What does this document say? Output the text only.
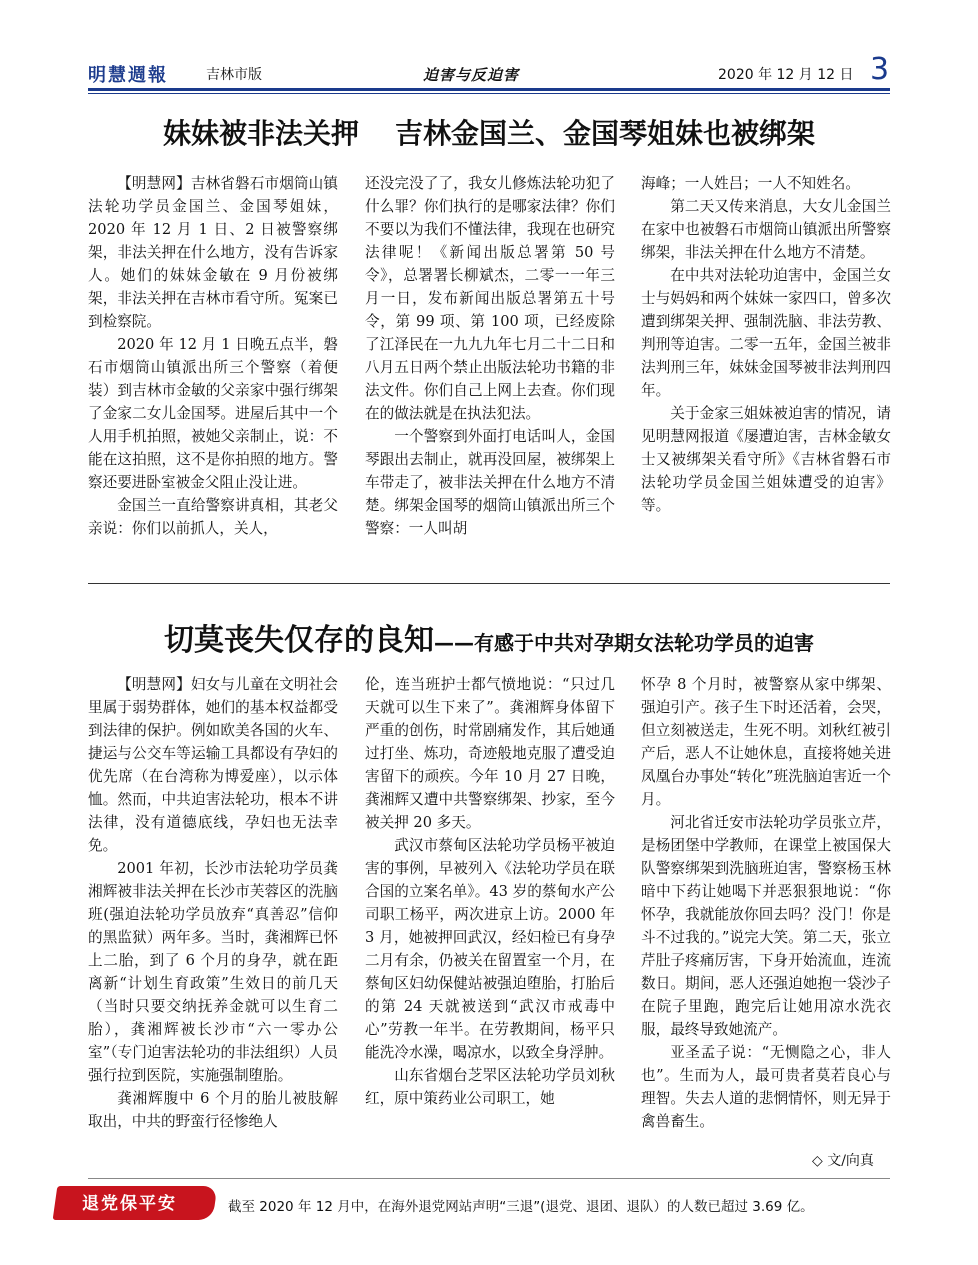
明慧週報	吉林市版	迫害与反迫害	2020 年 12 月 12 日 3
妹妹被非法关押 吉林金国兰、金国琴姐妹也被绑架

【明慧网】吉林省磐石市烟筒山镇法轮功学员金国兰、金国琴姐妹，2020 年 12 月 1 日、2 日被警察绑架，非法关押在什么地方，没有告诉家人。她们的妹妹金敏在 9 月份被绑架，非法关押在吉林市看守所。冤案已到检察院。

2020 年 12 月 1 日晚五点半，磐石市烟筒山镇派出所三个警察（着便装）到吉林市金敏的父亲家中强行绑架了金家二女儿金国琴。进屋后其中一个人用手机拍照，被她父亲制止，说：不能在这拍照，这不是你拍照的地方。警察还要进卧室被金父阻止没让进。

金国兰一直给警察讲真相，其老父亲说：你们以前抓人，关人，

还没完没了了，我女儿修炼法轮功犯了什么罪？你们执行的是哪家法律？你们不要以为我们不懂法律，我现在也研究法律呢！《新闻出版总署第 50 号令》，总署署长柳斌杰，二零一一年三月一日，发布新闻出版总署第五十号令，第 99 项、第 100 项，已经废除了江泽民在一九九九年七月二十二日和八月五日两个禁止出版法轮功书籍的非法文件。你们自己上网上去查。你们现在的做法就是在执法犯法。

一个警察到外面打电话叫人，金国琴跟出去制止，就再没回屋，被绑架上车带走了，被非法关押在什么地方不清楚。绑架金国琴的烟筒山镇派出所三个警察：一人叫胡

海峰；一人姓吕；一人不知姓名。

第二天又传来消息，大女儿金国兰在家中也被磐石市烟筒山镇派出所警察绑架，非法关押在什么地方不清楚。

在中共对法轮功迫害中，金国兰女士与妈妈和两个妹妹一家四口，曾多次遭到绑架关押、强制洗脑、非法劳教、判刑等迫害。二零一五年，金国兰被非法判刑三年，妹妹金国琴被非法判刑四年。

关于金家三姐妹被迫害的情况，请见明慧网报道《屡遭迫害，吉林金敏女士又被绑架关看守所》《吉林省磐石市法轮功学员金国兰姐妹遭受的迫害》等。

切莫丧失仅存的良知——有感于中共对孕期女法轮功学员的迫害

【明慧网】妇女与儿童在文明社会里属于弱势群体，她们的基本权益都受到法律的保护。例如欧美各国的火车、捷运与公交车等运输工具都设有孕妇的优先席（在台湾称为博爱座），以示体恤。然而，中共迫害法轮功，根本不讲法律，没有道德底线，孕妇也无法幸免。

2001 年初，长沙市法轮功学员龚湘辉被非法关押在长沙市芙蓉区的洗脑班(强迫法轮功学员放弃“真善忍”信仰的黑监狱）两年多。当时，龚湘辉已怀上二胎，到了 6 个月的身孕，就在距离新“计划生育政策”生效日的前几天（当时只要交纳抚养金就可以生育二胎），龚湘辉被长沙市“六一零办公室”（专门迫害法轮功的非法组织）人员强行拉到医院，实施强制堕胎。

龚湘辉腹中 6 个月的胎儿被肢解取出，中共的野蛮行径惨绝人

伦，连当班护士都气愤地说：“只过几天就可以生下来了”。龚湘辉身体留下严重的创伤，时常剧痛发作，其后她通过打坐、炼功，奇迹般地克服了遭受迫害留下的顽疾。今年 10 月 27 日晚，龚湘辉又遭中共警察绑架、抄家，至今被关押 20 多天。

武汉市蔡甸区法轮功学员杨平被迫害的事例，早被列入《法轮功学员在联合国的立案名单》。43 岁的蔡甸水产公司职工杨平，两次进京上访。2000 年 3 月，她被押回武汉，经妇检已有身孕二月有余，仍被关在留置室一个月，在蔡甸区妇幼保健站被强迫堕胎，打胎后的第 24 天就被送到“武汉市戒毒中心”劳教一年半。在劳教期间，杨平只能洗冷水澡，喝凉水，以致全身浮肿。

山东省烟台芝罘区法轮功学员刘秋红，原中策药业公司职工，她

怀孕 8 个月时，被警察从家中绑架、强迫引产。孩子生下时还活着，会哭，但立刻被送走，生死不明。刘秋红被引产后，恶人不让她休息，直接将她关进凤凰台办事处“转化”班洗脑迫害近一个月。

河北省迁安市法轮功学员张立芹，是杨团堡中学教师，在课堂上被国保大队警察绑架到洗脑班迫害，警察杨玉林暗中下药让她喝下并恶狠狠地说：“你怀孕，我就能放你回去吗？没门！你是斗不过我的。”说完大笑。第二天，张立芹肚子疼痛厉害，下身开始流血，连流数日。期间，恶人还强迫她抱一袋沙子在院子里跑，跑完后让她用凉水洗衣服，最终导致她流产。

亚圣孟子说：“无恻隐之心，非人也”。生而为人，最可贵者莫若良心与理智。失去人道的悲惘情怀，则无异于禽兽畜生。

◇ 文/向真
退党保平安	截至 2020 年 12 月中，在海外退党网站声明“三退”(退党、退团、退队）的人数已超过 3.69 亿。
